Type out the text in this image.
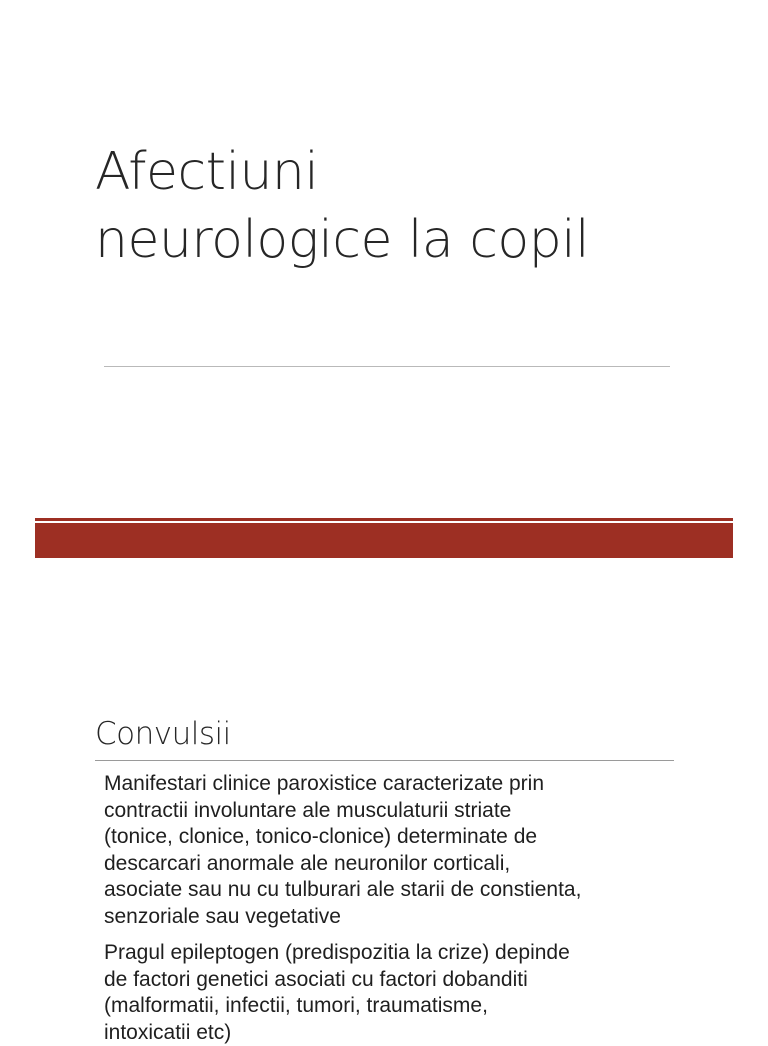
Afectiuni
neurologice la copil
Convulsii

Manifestari clinice paroxistice caracterizate prin
contractii involuntare ale musculaturii striate
(tonice, clonice, tonico-clonice) determinate de
descarcari anormale ale neuronilor corticali,
asociate sau nu cu tulburari ale starii de constienta,
senzoriale sau vegetative

Pragul epileptogen (predispozitia la crize) depinde
de factori genetici asociati cu factori dobanditi
(malformatii, infectii, tumori, traumatisme,
intoxicatii etc)
